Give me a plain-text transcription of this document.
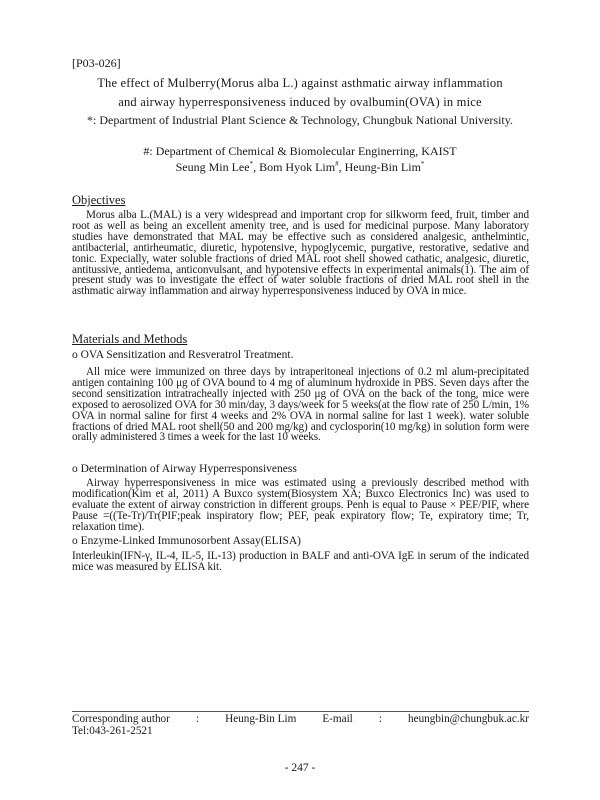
[P03-026]
The effect of Mulberry(Morus alba L.) against asthmatic airway inflammation
and airway hyperresponsiveness induced by ovalbumin(OVA) in mice
*: Department of Industrial Plant Science & Technology, Chungbuk National University.
#: Department of Chemical & Biomolecular Enginerring, KAIST
Seung Min Lee*, Bom Hyok Lim#, Heung-Bin Lim*
Objectives
Morus alba L.(MAL) is a very widespread and important crop for silkworm feed, fruit, timber and root as well as being an excellent amenity tree, and is used for medicinal purpose. Many laboratory studies have demonstrated that MAL may be effective such as considered analgesic, anthelmintic, antibacterial, antirheumatic, diuretic, hypotensive, hypoglycemic, purgative, restorative, sedative and tonic. Expecially, water soluble fractions of dried MAL root shell showed cathatic, analgesic, diuretic, antitussive, antiedema, anticonvulsant, and hypotensive effects in experimental animals(1). The aim of present study was to investigate the effect of water soluble fractions of dried MAL root shell in the asthmatic airway inflammation and airway hyperresponsiveness induced by OVA in mice.
Materials and Methods
o OVA Sensitization and Resveratrol Treatment.
All mice were immunized on three days by intraperitoneal injections of 0.2 ml alum-precipitated antigen containing 100 μg of OVA bound to 4 mg of aluminum hydroxide in PBS. Seven days after the second sensitization intratracheally injected with 250 μg of OVA on the back of the tong, mice were exposed to aerosolized OVA for 30 min/day, 3 days/week for 5 weeks(at the flow rate of 250 L/min, 1% OVA in normal saline for first 4 weeks and 2% OVA in normal saline for last 1 week). water soluble fractions of dried MAL root shell(50 and 200 mg/kg) and cyclosporin(10 mg/kg) in solution form were orally administered 3 times a week for the last 10 weeks.
o Determination of Airway Hyperresponsiveness
Airway hyperresponsiveness in mice was estimated using a previously described method with modification(Kim et al, 2011) A Buxco system(Biosystem XA; Buxco Electronics Inc) was used to evaluate the extent of airway constriction in different groups. Penh is equal to Pause × PEF/PIF, where Pause =((Te-Tr)/Tr(PIF;peak inspiratory flow; PEF, peak expiratory flow; Te, expiratory time; Tr, relaxation time).
o Enzyme-Linked Immunosorbent Assay(ELISA)
Interleukin(IFN-γ, IL-4, IL-5, IL-13) production in BALF and anti-OVA IgE in serum of the indicated mice was measured by ELISA kit.
Corresponding author : Heung-Bin Lim E-mail : heungbin@chungbuk.ac.kr
Tel:043-261-2521
- 247 -
